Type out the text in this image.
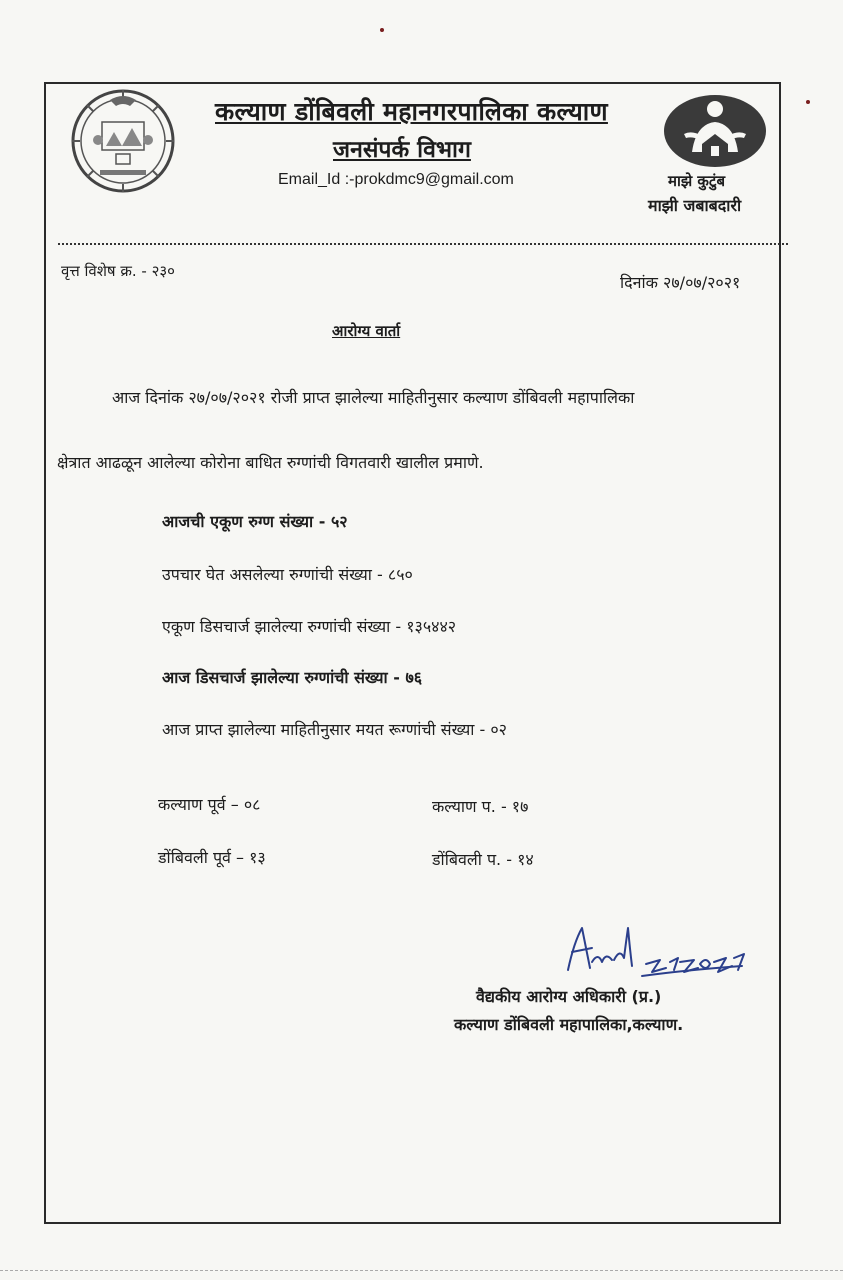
कल्याण डोंबिवली महानगरपालिका कल्याण
जनसंपर्क विभाग
Email_Id :-prokdmc9@gmail.com	माझे कुटुंब
माझी जबाबदारी
वृत्त विशेष क्र. - २३०
दिनांक २७/०७/२०२१
आरोग्य वार्ता
आज दिनांक २७/०७/२०२१ रोजी प्राप्त झालेल्या माहितीनुसार कल्याण डोंबिवली महापालिका
क्षेत्रात आढळून आलेल्या कोरोना बाधित रुग्णांची विगतवारी खालील प्रमाणे.
आजची एकूण रुग्ण संख्या - ५२
उपचार घेत असलेल्या रुग्णांची संख्या - ८५०
एकूण डिसचार्ज झालेल्या रुग्णांची संख्या - १३५४४२
आज डिसचार्ज झालेल्या रुग्णांची संख्या - ७६
आज प्राप्त झालेल्या माहितीनुसार मयत रूग्णांची संख्या - ०२
कल्याण पूर्व – ०८	कल्याण प. - १७
डोंबिवली पूर्व – १३	डोंबिवली प. - १४
वैद्यकीय आरोग्य अधिकारी (प्र.)
कल्याण डोंबिवली महापालिका,कल्याण.
